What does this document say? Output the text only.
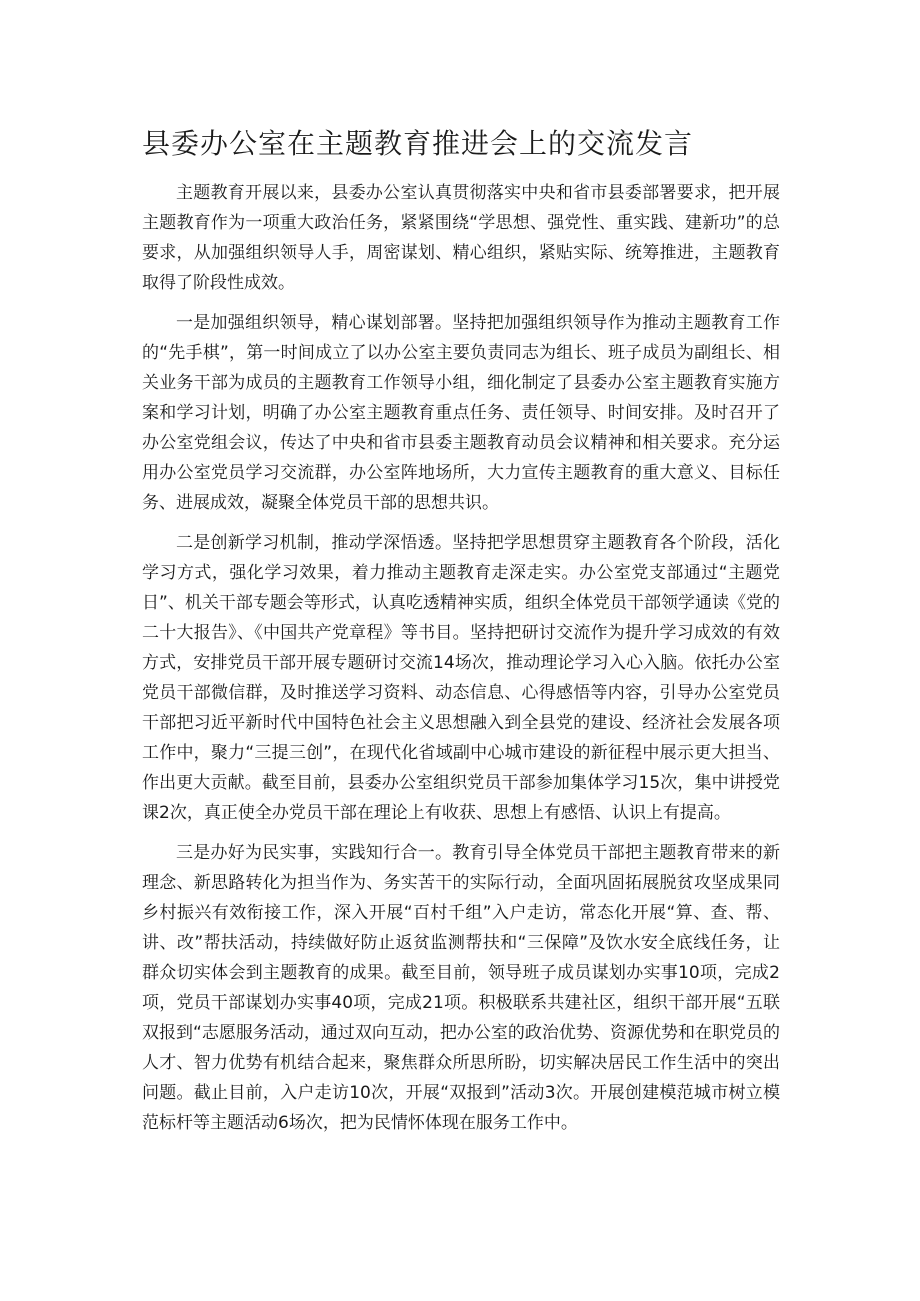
县委办公室在主题教育推进会上的交流发言

主题教育开展以来，县委办公室认真贯彻落实中央和省市县委部署要求，把开展主题教育作为一项重大政治任务，紧紧围绕“学思想、强党性、重实践、建新功”的总要求，从加强组织领导人手，周密谋划、精心组织，紧贴实际、统筹推进，主题教育取得了阶段性成效。

一是加强组织领导，精心谋划部署。坚持把加强组织领导作为推动主题教育工作的“先手棋”，第一时间成立了以办公室主要负责同志为组长、班子成员为副组长、相关业务干部为成员的主题教育工作领导小组，细化制定了县委办公室主题教育实施方案和学习计划，明确了办公室主题教育重点任务、责任领导、时间安排。及时召开了办公室党组会议，传达了中央和省市县委主题教育动员会议精神和相关要求。充分运用办公室党员学习交流群，办公室阵地场所，大力宣传主题教育的重大意义、目标任务、进展成效，凝聚全体党员干部的思想共识。

二是创新学习机制，推动学深悟透。坚持把学思想贯穿主题教育各个阶段，活化学习方式，强化学习效果，着力推动主题教育走深走实。办公室党支部通过“主题党日”、机关干部专题会等形式，认真吃透精神实质，组织全体党员干部领学通读《党的二十大报告》、《中国共产党章程》等书目。坚持把研讨交流作为提升学习成效的有效方式，安排党员干部开展专题研讨交流14场次，推动理论学习入心入脑。依托办公室党员干部微信群，及时推送学习资料、动态信息、心得感悟等内容，引导办公室党员干部把习近平新时代中国特色社会主义思想融入到全县党的建设、经济社会发展各项工作中，聚力“三提三创”，在现代化省域副中心城市建设的新征程中展示更大担当、作出更大贡献。截至目前，县委办公室组织党员干部参加集体学习15次，集中讲授党课2次，真正使全办党员干部在理论上有收获、思想上有感悟、认识上有提高。

三是办好为民实事，实践知行合一。教育引导全体党员干部把主题教育带来的新理念、新思路转化为担当作为、务实苦干的实际行动，全面巩固拓展脱贫攻坚成果同乡村振兴有效衔接工作，深入开展“百村千组”入户走访，常态化开展“算、查、帮、讲、改”帮扶活动，持续做好防止返贫监测帮扶和“三保障”及饮水安全底线任务，让群众切实体会到主题教育的成果。截至目前，领导班子成员谋划办实事10项，完成2项，党员干部谋划办实事40项，完成21项。积极联系共建社区，组织干部开展“五联双报到“志愿服务活动，通过双向互动，把办公室的政治优势、资源优势和在职党员的人才、智力优势有机结合起来，聚焦群众所思所盼，切实解决居民工作生活中的突出问题。截止目前，入户走访10次，开展“双报到”活动3次。开展创建模范城市树立模范标杆等主题活动6场次，把为民情怀体现在服务工作中。
